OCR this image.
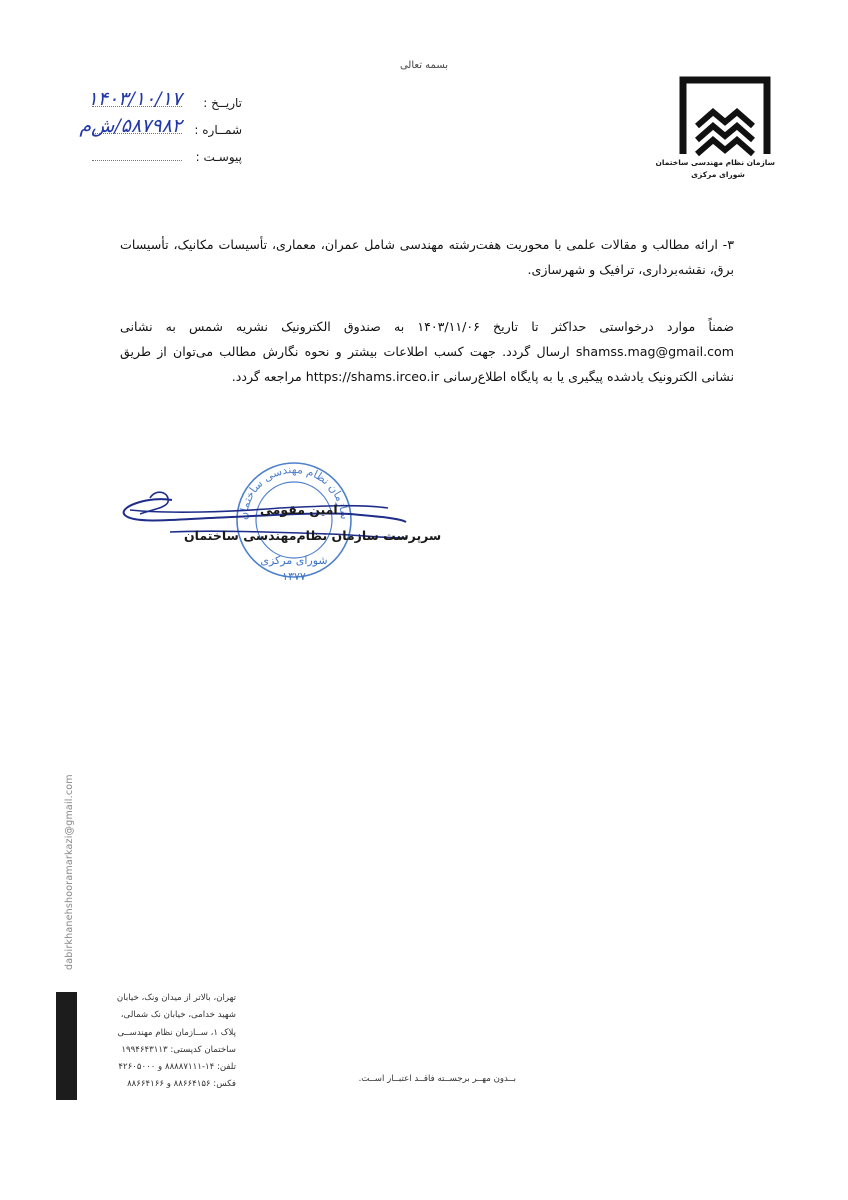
بسمه تعالی
سازمان نظام مهندسی ساختمان
شورای مرکزی
تاریــخ :
۱۴۰۳/۱۰/۱۷
شمــاره :
۵۸۷۹۸۲/ش‌م
پیوسـت :
۳- ارائه مطالب و مقالات علمی با محوریت هفت‌رشته مهندسی شامل عمران، معماری، تأسیسات مکانیک، تأسیسات برق، نقشه‌برداری، ترافیک و شهرسازی.
ضمناً موارد درخواستی حداکثر تا تاریخ ۱۴۰۳/۱۱/۰۶ به صندوق الکترونیک نشریه شمس به نشانی shamss.mag@gmail.com ارسال گردد. جهت کسب اطلاعات بیشتر و نحوه نگارش مطالب می‌توان از طریق نشانی الکترونیک یادشده پیگیری یا به پایگاه اطلاع‌رسانی https://shams.irceo.ir مراجعه گردد.
سازمان نظام مهندسی ساختمان
شورای مرکزی
۱۳۷۷
امین مقومی
سرپرست سازمان نظام‌مهندسی ساختمان
dabirkhanehshooramarkazi@gmail.com
تهران، بالاتر از میدان ونک، خیابان
شهید خدامی، خیابان نک شمالی،
پلاک ۱، ســازمان نظام مهندســی
ساختمان کدپستی: ۱۹۹۴۶۴۳۱۱۳
تلفن: ۱۴-۸۸۸۸۷۱۱۱ و ۴۲۶۰۵۰۰۰
فکس: ۸۸۶۶۴۱۵۶ و ۸۸۶۶۴۱۶۶
بــدون مهــر برجســته فاقــد اعتبــار اســت.
